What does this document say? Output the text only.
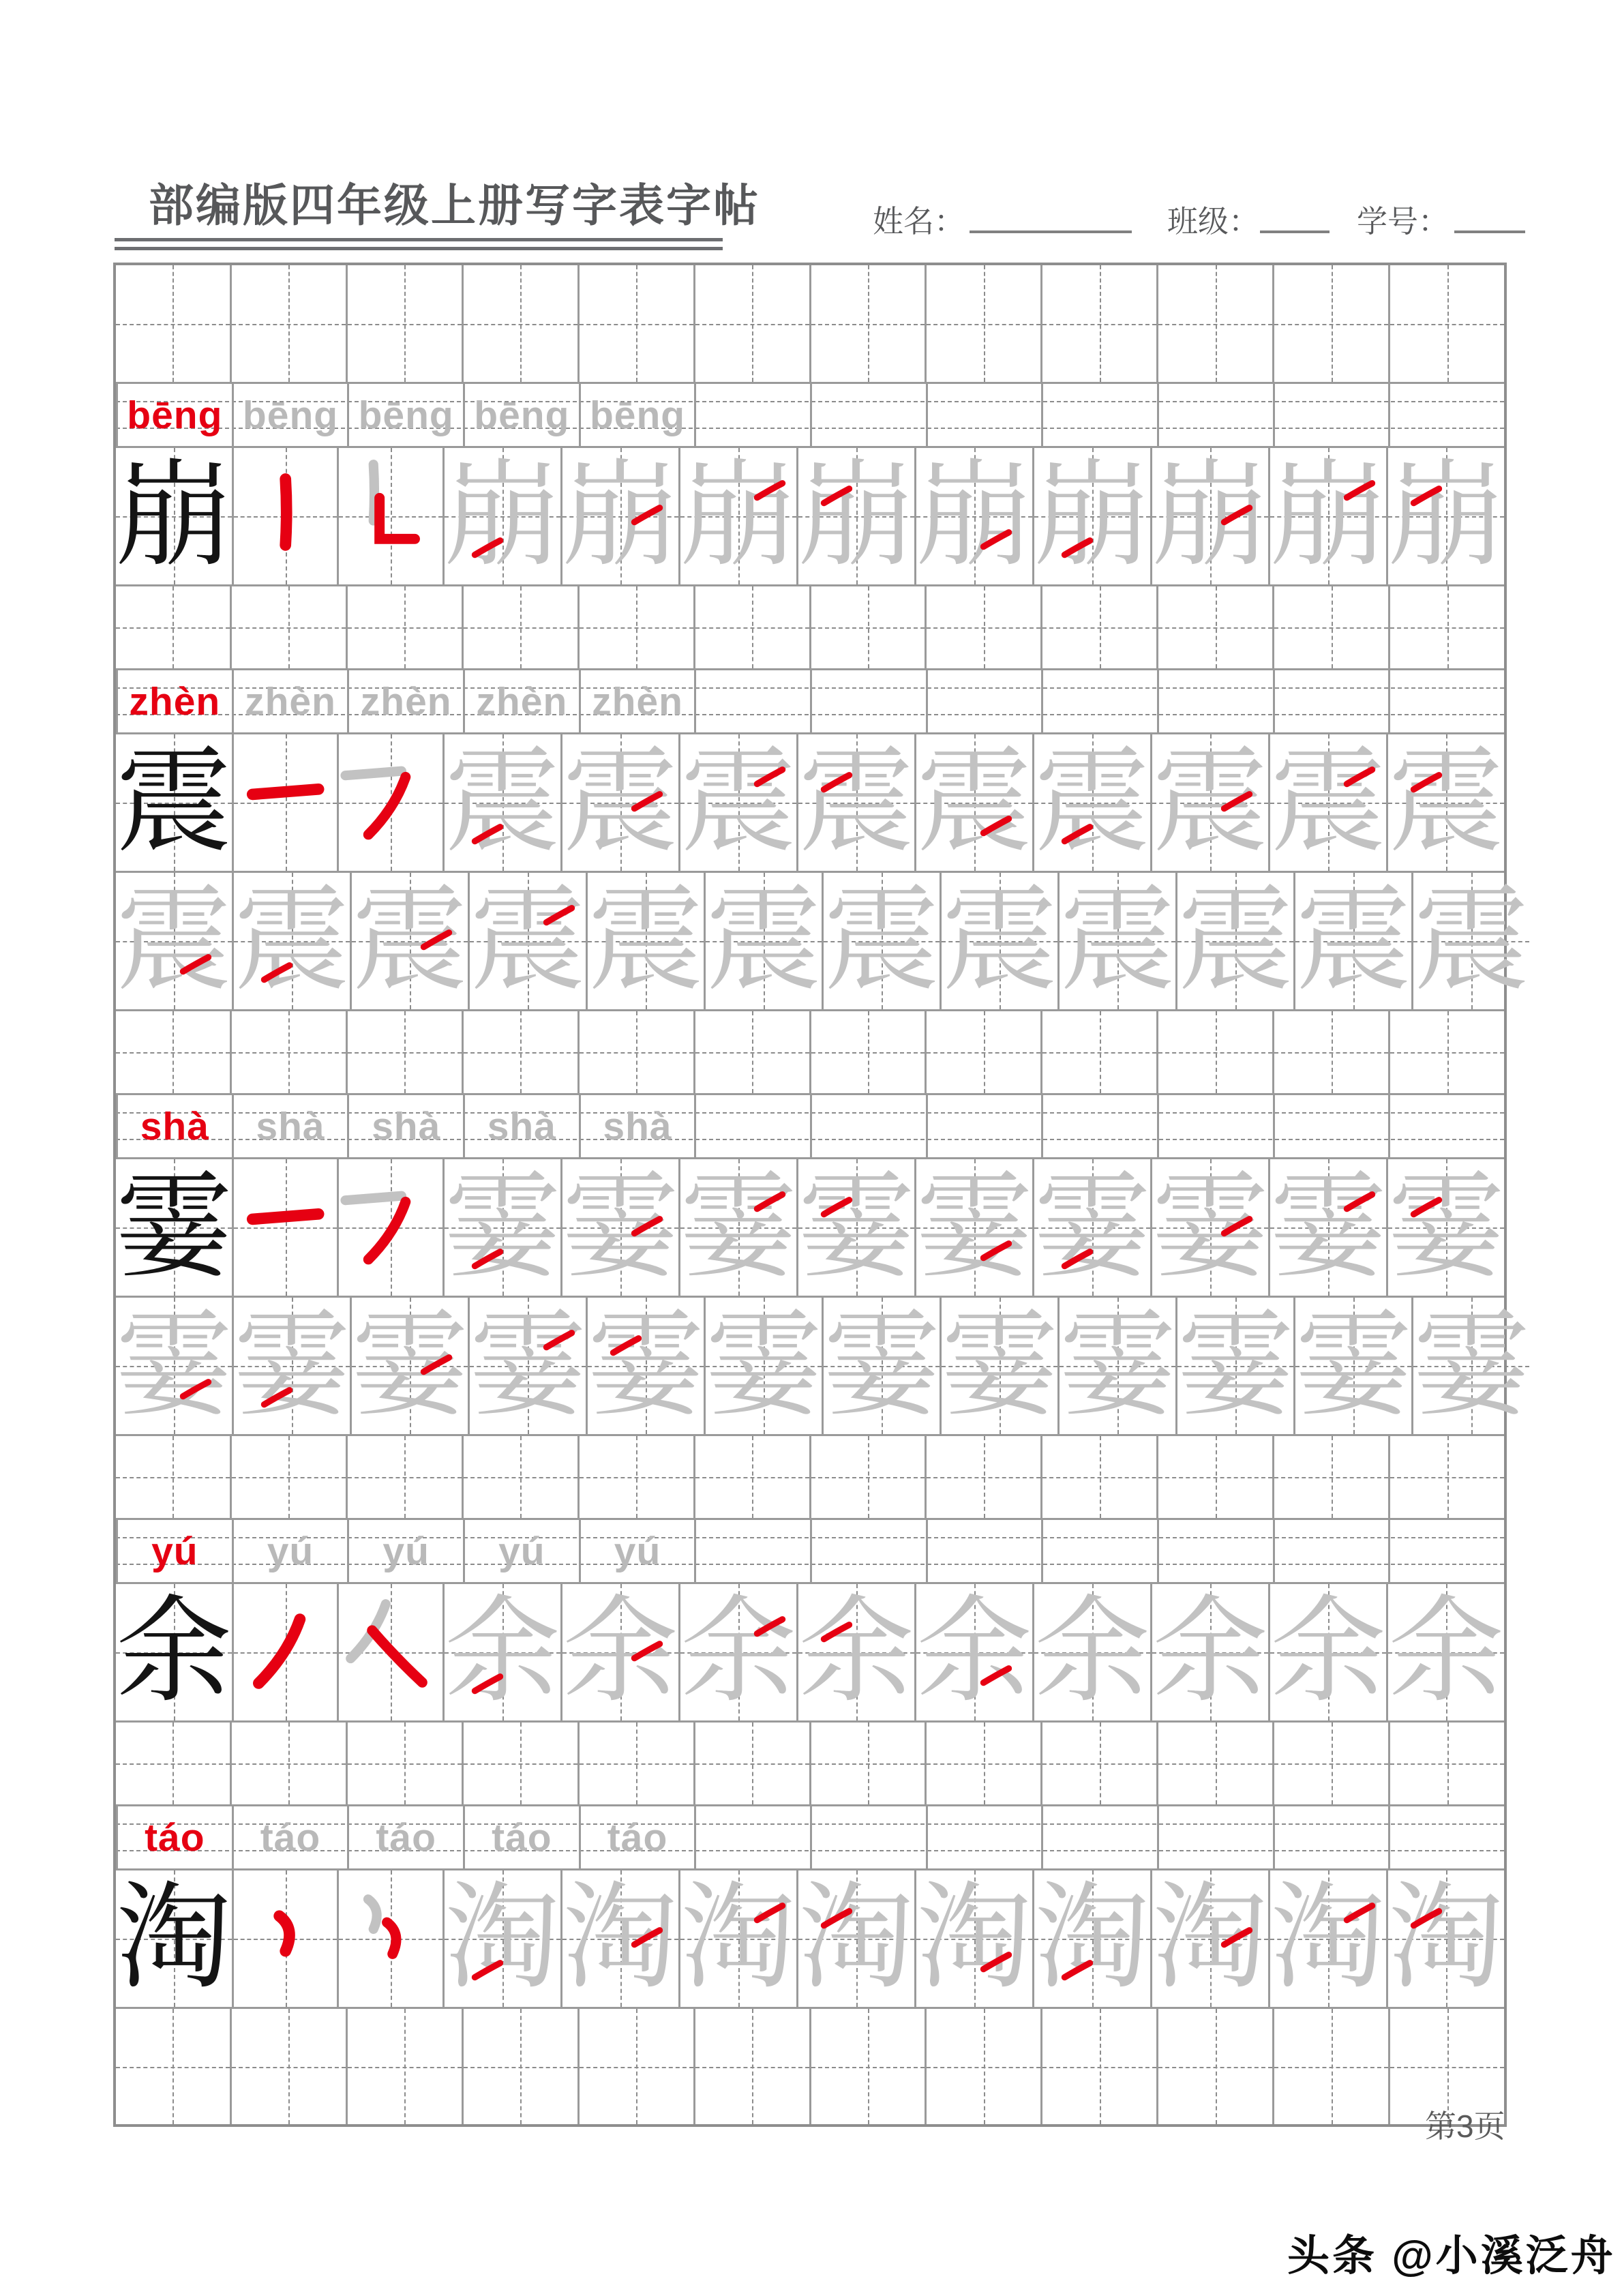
部编版四年级上册写字表字帖	姓名：	班级：	学号：
bēng bēng bēng bēng bēng
崩 崩 崩 崩 崩 崩 崩 崩 崩 崩
zhèn zhèn zhèn zhèn zhèn
震 震 震 震 震 震 震 震 震 震
震 震 震 震 震 震 震 震 震 震 震 震
shà	shà	shà	shà	shà
霎 霎 霎 霎 霎 霎 霎 霎 霎 霎
霎 霎 霎 霎 霎 霎 霎 霎 霎 霎 霎 霎
yú	yú	yú	yú	yú
余 余 余 余 余 余 余 余 余 余
táo	táo	táo	táo	táo
淘 淘 淘 淘 淘 淘 淘 淘 淘 淘
第3页
头条 @小溪泛舟
